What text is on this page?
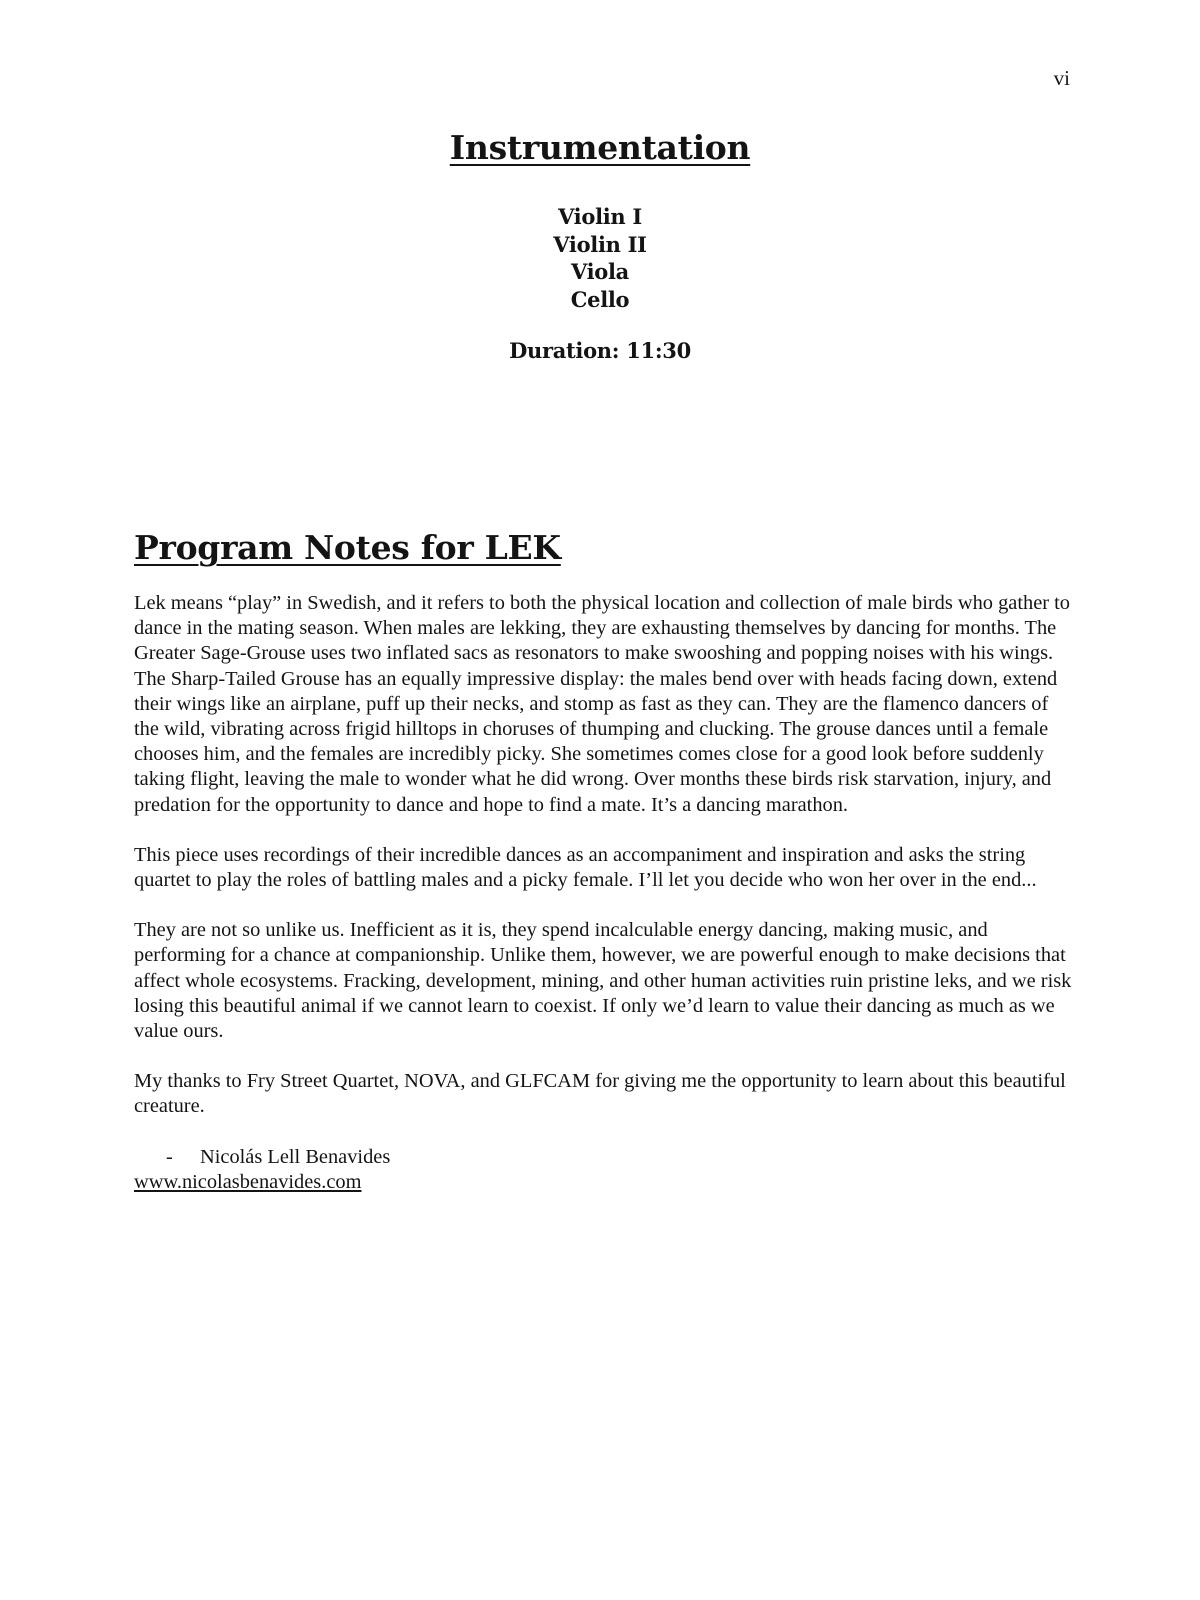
vi
Instrumentation
Violin I
Violin II
Viola
Cello
Duration: 11:30
Program Notes for LEK

Lek means “play” in Swedish, and it refers to both the physical location and collection of male birds who gather to dance in the mating season. When males are lekking, they are exhausting themselves by dancing for months. The Greater Sage-Grouse uses two inflated sacs as resonators to make swooshing and popping noises with his wings. The Sharp-Tailed Grouse has an equally impressive display: the males bend over with heads facing down, extend their wings like an airplane, puff up their necks, and stomp as fast as they can. They are the flamenco dancers of the wild, vibrating across frigid hilltops in choruses of thumping and clucking. The grouse dances until a female chooses him, and the females are incredibly picky. She sometimes comes close for a good look before suddenly taking flight, leaving the male to wonder what he did wrong. Over months these birds risk starvation, injury, and predation for the opportunity to dance and hope to find a mate. It’s a dancing marathon.

This piece uses recordings of their incredible dances as an accompaniment and inspiration and asks the string quartet to play the roles of battling males and a picky female. I’ll let you decide who won her over in the end...

They are not so unlike us. Inefficient as it is, they spend incalculable energy dancing, making music, and performing for a chance at companionship. Unlike them, however, we are powerful enough to make decisions that affect whole ecosystems. Fracking, development, mining, and other human activities ruin pristine leks, and we risk losing this beautiful animal if we cannot learn to coexist. If only we’d learn to value their dancing as much as we value ours.

My thanks to Fry Street Quartet, NOVA, and GLFCAM for giving me the opportunity to learn about this beautiful creature.

- Nicolás Lell Benavides
www.nicolasbenavides.com
